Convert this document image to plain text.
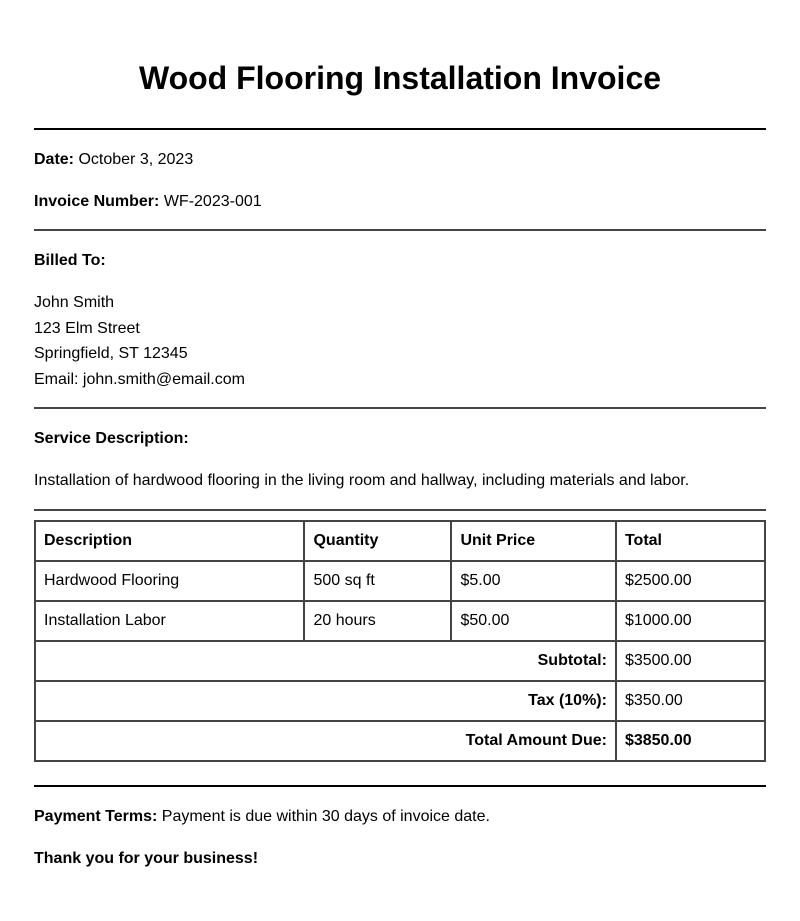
Wood Flooring Installation Invoice
Date: October 3, 2023
Invoice Number: WF-2023-001
Billed To:
John Smith
123 Elm Street
Springfield, ST 12345
Email: john.smith@email.com
Service Description:
Installation of hardwood flooring in the living room and hallway, including materials and labor.
Description	Quantity	Unit Price	Total
Hardwood Flooring	500 sq ft	$5.00	$2500.00
Installation Labor	20 hours	$50.00	$1000.00
Subtotal:			$3500.00
Tax (10%):			$350.00
Total Amount Due:			$3850.00
Payment Terms: Payment is due within 30 days of invoice date.
Thank you for your business!
